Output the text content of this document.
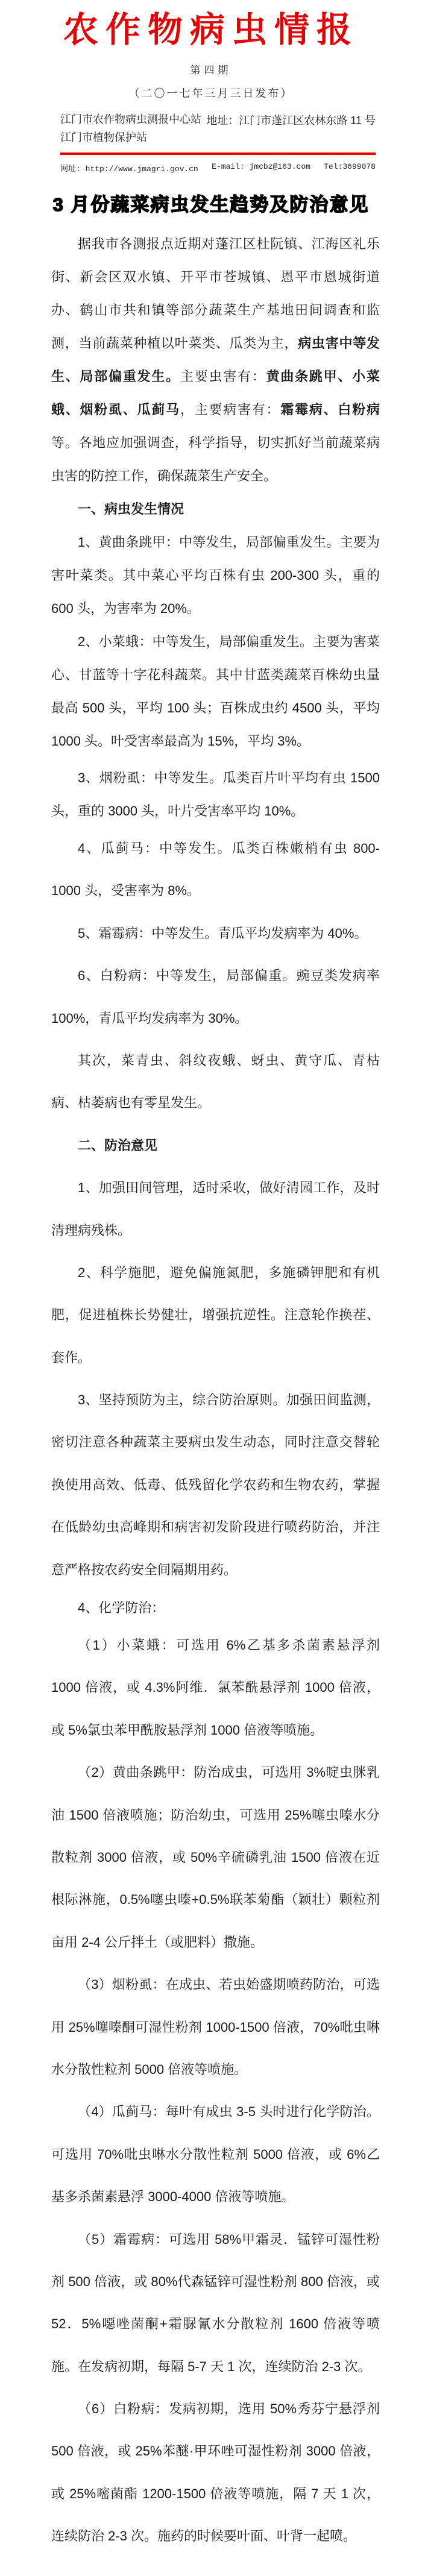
农作物病虫情报
第四期
（二〇一七年三月三日发布）
江门市农作物病虫测报中心站
江门市植物保护站
地址：江门市蓬江区农林东路 11 号
网址: http://www.jmagri.gov.cn E-mail: jmcbz@163.com Tel:3699078
3 月份蔬菜病虫发生趋势及防治意见

据我市各测报点近期对蓬江区杜阮镇、江海区礼乐街、新会区双水镇、开平市苍城镇、恩平市恩城街道办、鹤山市共和镇等部分蔬菜生产基地田间调查和监测，当前蔬菜种植以叶菜类、瓜类为主，病虫害中等发生、局部偏重发生。主要虫害有：黄曲条跳甲、小菜蛾、烟粉虱、瓜蓟马，主要病害有：霜霉病、白粉病等。各地应加强调查，科学指导，切实抓好当前蔬菜病虫害的防控工作，确保蔬菜生产安全。

一、病虫发生情况

1、黄曲条跳甲：中等发生，局部偏重发生。主要为害叶菜类。其中菜心平均百株有虫 200-300 头，重的 600 头，为害率为 20%。

2、小菜蛾：中等发生，局部偏重发生。主要为害菜心、甘蓝等十字花科蔬菜。其中甘蓝类蔬菜百株幼虫量最高 500 头，平均 100 头；百株成虫约 4500 头，平均 1000 头。叶受害率最高为 15%，平均 3%。

3、烟粉虱：中等发生。瓜类百片叶平均有虫 1500 头，重的 3000 头，叶片受害率平均 10%。

4、瓜蓟马：中等发生。瓜类百株嫩梢有虫 800-1000 头，受害率为 8%。

5、霜霉病：中等发生。青瓜平均发病率为 40%。

6、白粉病：中等发生，局部偏重。豌豆类发病率 100%，青瓜平均发病率为 30%。

其次，菜青虫、斜纹夜蛾、蚜虫、黄守瓜、青枯病、枯萎病也有零星发生。

二、防治意见

1、加强田间管理，适时采收，做好清园工作，及时清理病残株。

2、科学施肥，避免偏施氮肥，多施磷钾肥和有机肥，促进植株长势健壮，增强抗逆性。注意轮作换茬、套作。

3、坚持预防为主，综合防治原则。加强田间监测，密切注意各种蔬菜主要病虫发生动态，同时注意交替轮换使用高效、低毒、低残留化学农药和生物农药，掌握在低龄幼虫高峰期和病害初发阶段进行喷药防治，并注意严格按农药安全间隔期用药。

4、化学防治：

（1）小菜蛾：可选用 6%乙基多杀菌素悬浮剂 1000 倍液，或 4.3%阿维．氯苯酰悬浮剂 1000 倍液，或 5%氯虫苯甲酰胺悬浮剂 1000 倍液等喷施。

（2）黄曲条跳甲：防治成虫，可选用 3%啶虫脒乳油 1500 倍液喷施；防治幼虫，可选用 25%噻虫嗪水分散粒剂 3000 倍液，或 50%辛硫磷乳油 1500 倍液在近根际淋施，0.5%噻虫嗪+0.5%联苯菊酯（颖壮）颗粒剂亩用 2-4 公斤拌土（或肥料）撒施。

（3）烟粉虱：在成虫、若虫始盛期喷药防治，可选用 25%噻嗪酮可湿性粉剂 1000-1500 倍液，70%吡虫啉水分散性粒剂 5000 倍液等喷施。

（4）瓜蓟马：每叶有成虫 3-5 头时进行化学防治。可选用 70%吡虫啉水分散性粒剂 5000 倍液，或 6%乙基多杀菌素悬浮 3000-4000 倍液等喷施。

（5）霜霉病：可选用 58%甲霜灵．锰锌可湿性粉剂 500 倍液，或 80%代森锰锌可湿性粉剂 800 倍液，或 52．5%噁唑菌酮+霜脲氰水分散粒剂 1600 倍液等喷施。在发病初期，每隔 5-7 天 1 次，连续防治 2-3 次。

（6）白粉病：发病初期，选用 50%秀芬宁悬浮剂 500 倍液，或 25%苯醚·甲环唑可湿性粉剂 3000 倍液，或 25%嘧菌酯 1200-1500 倍液等喷施，隔 7 天 1 次，连续防治 2-3 次。施药的时候要叶面、叶背一起喷。
